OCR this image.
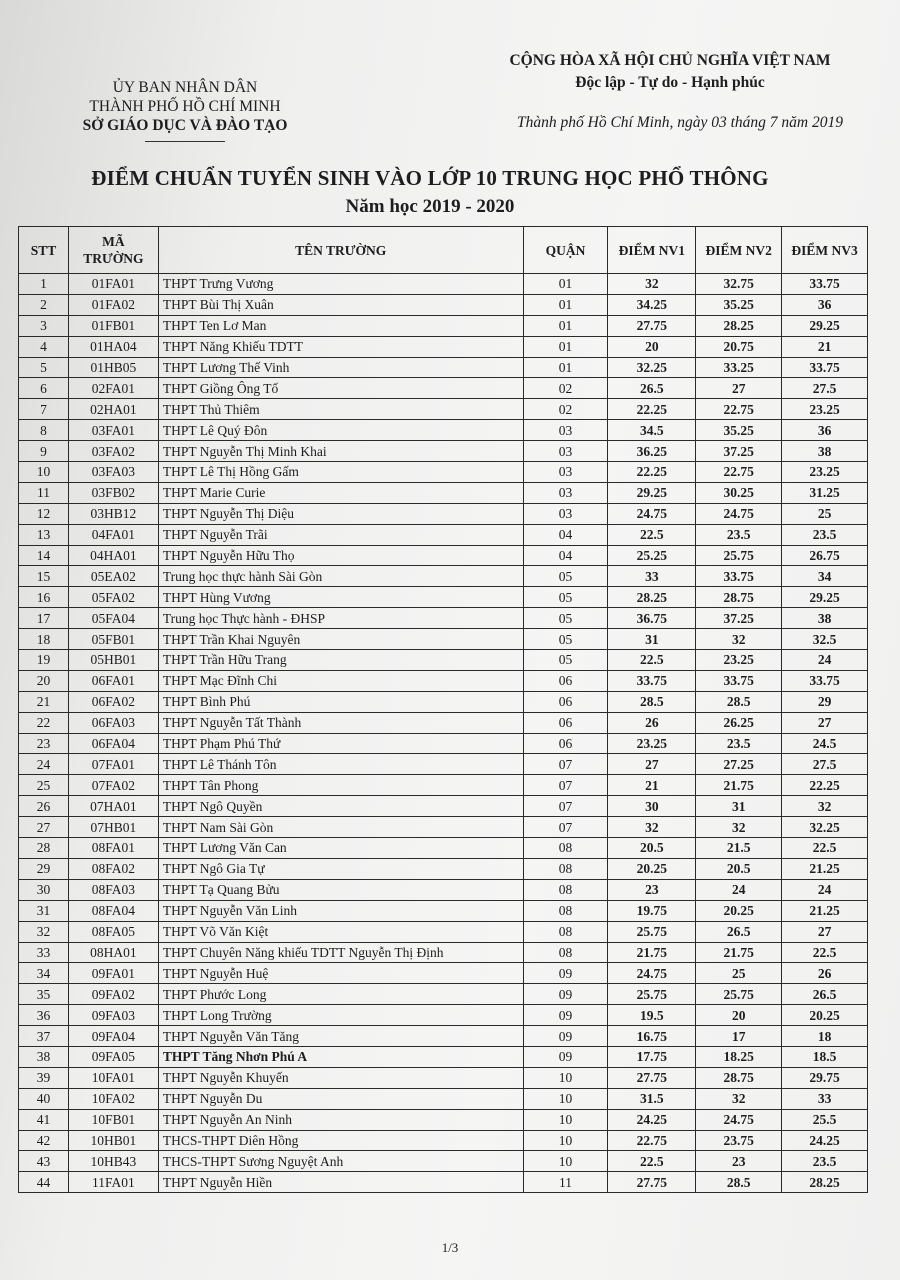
ỦY BAN NHÂN DÂN
THÀNH PHỐ HỒ CHÍ MINH
SỞ GIÁO DỤC VÀ ĐÀO TẠO
CỘNG HÒA XÃ HỘI CHỦ NGHĨA VIỆT NAM
Độc lập - Tự do - Hạnh phúc
Thành phố Hồ Chí Minh, ngày 03 tháng 7 năm 2019
ĐIỂM CHUẨN TUYỂN SINH VÀO LỚP 10 TRUNG HỌC PHỔ THÔNG
Năm học 2019 - 2020
STT	MÃ TRƯỜNG	TÊN TRƯỜNG	QUẬN	ĐIỂM NV1	ĐIỂM NV2	ĐIỂM NV3
1	01FA01	THPT Trưng Vương	01	32	32.75	33.75
2	01FA02	THPT Bùi Thị Xuân	01	34.25	35.25	36
3	01FB01	THPT Ten Lơ Man	01	27.75	28.25	29.25
4	01HA04	THPT Năng Khiếu TDTT	01	20	20.75	21
5	01HB05	THPT Lương Thế Vinh	01	32.25	33.25	33.75
6	02FA01	THPT Giồng Ông Tố	02	26.5	27	27.5
7	02HA01	THPT Thủ Thiêm	02	22.25	22.75	23.25
8	03FA01	THPT Lê Quý Đôn	03	34.5	35.25	36
9	03FA02	THPT Nguyễn Thị Minh Khai	03	36.25	37.25	38
10	03FA03	THPT Lê Thị Hồng Gấm	03	22.25	22.75	23.25
11	03FB02	THPT Marie Curie	03	29.25	30.25	31.25
12	03HB12	THPT Nguyễn Thị Diệu	03	24.75	24.75	25
13	04FA01	THPT Nguyễn Trãi	04	22.5	23.5	23.5
14	04HA01	THPT Nguyễn Hữu Thọ	04	25.25	25.75	26.75
15	05EA02	Trung học thực hành Sài Gòn	05	33	33.75	34
16	05FA02	THPT Hùng Vương	05	28.25	28.75	29.25
17	05FA04	Trung học Thực hành - ĐHSP	05	36.75	37.25	38
18	05FB01	THPT Trần Khai Nguyên	05	31	32	32.5
19	05HB01	THPT Trần Hữu Trang	05	22.5	23.25	24
20	06FA01	THPT Mạc Đĩnh Chi	06	33.75	33.75	33.75
21	06FA02	THPT Bình Phú	06	28.5	28.5	29
22	06FA03	THPT Nguyễn Tất Thành	06	26	26.25	27
23	06FA04	THPT Phạm Phú Thứ	06	23.25	23.5	24.5
24	07FA01	THPT Lê Thánh Tôn	07	27	27.25	27.5
25	07FA02	THPT Tân Phong	07	21	21.75	22.25
26	07HA01	THPT Ngô Quyền	07	30	31	32
27	07HB01	THPT Nam Sài Gòn	07	32	32	32.25
28	08FA01	THPT Lương Văn Can	08	20.5	21.5	22.5
29	08FA02	THPT Ngô Gia Tự	08	20.25	20.5	21.25
30	08FA03	THPT Tạ Quang Bửu	08	23	24	24
31	08FA04	THPT Nguyễn Văn Linh	08	19.75	20.25	21.25
32	08FA05	THPT Võ Văn Kiệt	08	25.75	26.5	27
33	08HA01	THPT Chuyên Năng khiếu TDTT Nguyễn Thị Định	08	21.75	21.75	22.5
34	09FA01	THPT Nguyễn Huệ	09	24.75	25	26
35	09FA02	THPT Phước Long	09	25.75	25.75	26.5
36	09FA03	THPT Long Trường	09	19.5	20	20.25
37	09FA04	THPT Nguyễn Văn Tăng	09	16.75	17	18
38	09FA05	THPT Tăng Nhơn Phú A	09	17.75	18.25	18.5
39	10FA01	THPT Nguyễn Khuyến	10	27.75	28.75	29.75
40	10FA02	THPT Nguyễn Du	10	31.5	32	33
41	10FB01	THPT Nguyễn An Ninh	10	24.25	24.75	25.5
42	10HB01	THCS-THPT Diên Hồng	10	22.75	23.75	24.25
43	10HB43	THCS-THPT Sương Nguyệt Anh	10	22.5	23	23.5
44	11FA01	THPT Nguyễn Hiền	11	27.75	28.5	28.25
1/3
